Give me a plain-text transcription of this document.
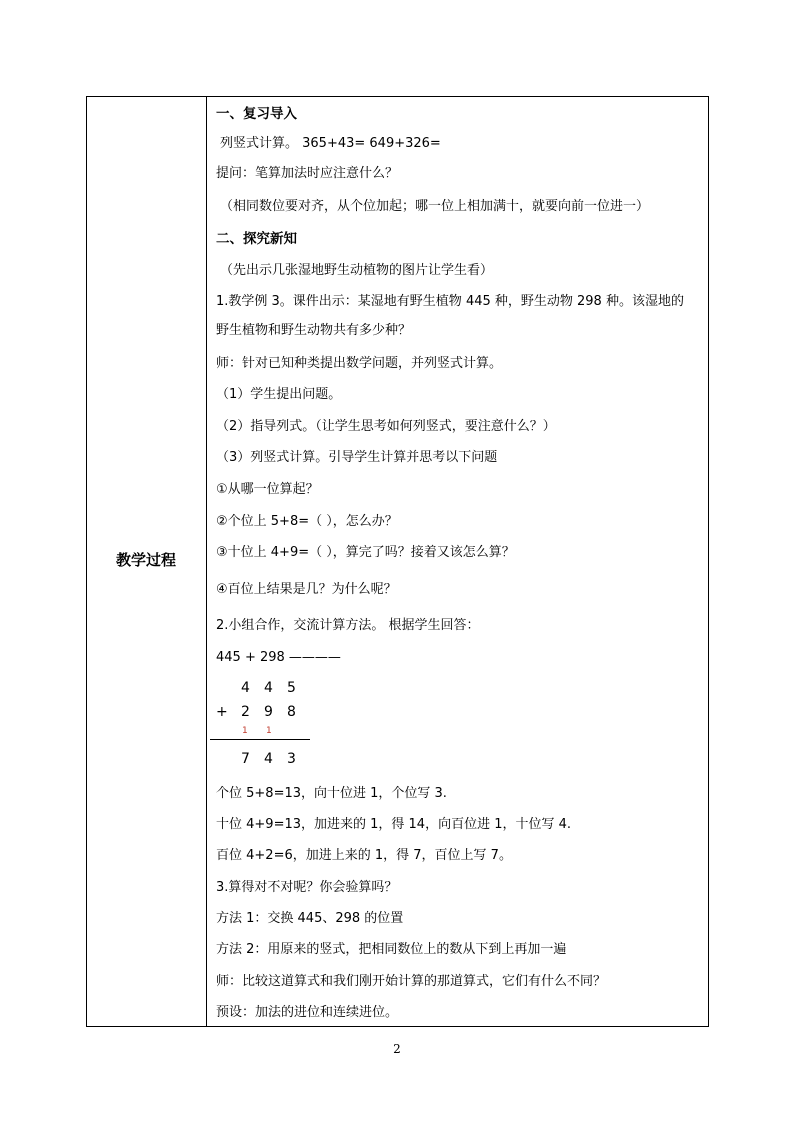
教学过程
一、复习导入
列竖式计算。 365+43= 649+326=
提问：笔算加法时应注意什么？
（相同数位要对齐，从个位加起；哪一位上相加满十，就要向前一位进一）
二、探究新知
（先出示几张湿地野生动植物的图片让学生看）
1.教学例 3。课件出示：某湿地有野生植物 445 种，野生动物 298 种。该湿地的
野生植物和野生动物共有多少种？
师：针对已知种类提出数学问题，并列竖式计算。
（1）学生提出问题。
（2）指导列式。（让学生思考如何列竖式，要注意什么？）
（3）列竖式计算。引导学生计算并思考以下问题
①从哪一位算起？
②个位上 5+8=（ ），怎么办？
③十位上 4+9=（ ），算完了吗？接着又该怎么算？
④百位上结果是几？为什么呢？
2.小组合作，交流计算方法。 根据学生回答：
445 + 298 ————
4 4 5
+ 2 9 8
1 1
7 4 3
个位 5+8=13，向十位进 1，个位写 3.
十位 4+9=13，加进来的 1，得 14，向百位进 1，十位写 4.
百位 4+2=6，加进上来的 1，得 7，百位上写 7。
3.算得对不对呢？你会验算吗？
方法 1：交换 445、298 的位置
方法 2：用原来的竖式，把相同数位上的数从下到上再加一遍
师：比较这道算式和我们刚开始计算的那道算式，它们有什么不同？
预设：加法的进位和连续进位。
2
